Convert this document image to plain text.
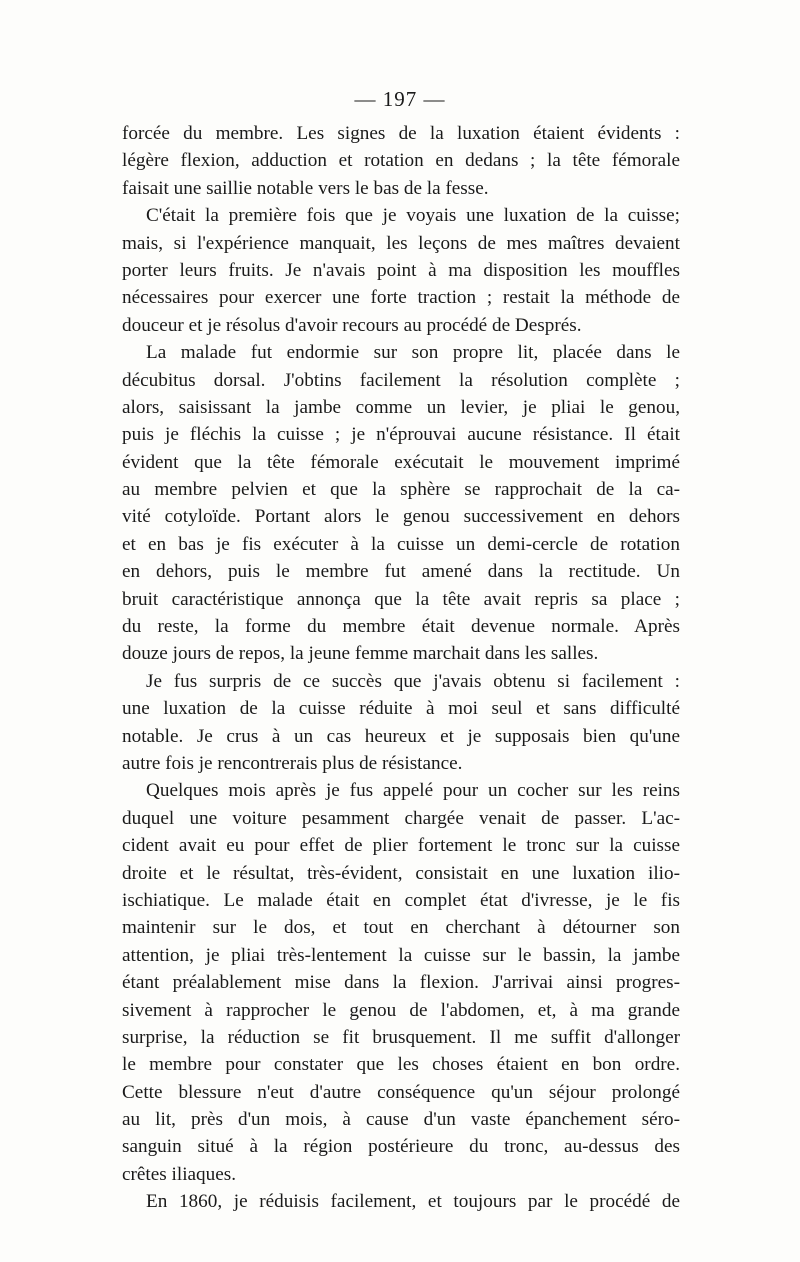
— 197 —
forcée du membre. Les signes de la luxation étaient évidents :
légère flexion, adduction et rotation en dedans ; la tête fémorale
faisait une saillie notable vers le bas de la fesse.
C'était la première fois que je voyais une luxation de la cuisse;
mais, si l'expérience manquait, les leçons de mes maîtres devaient
porter leurs fruits. Je n'avais point à ma disposition les mouffles
nécessaires pour exercer une forte traction ; restait la méthode de
douceur et je résolus d'avoir recours au procédé de Després.
La malade fut endormie sur son propre lit, placée dans le
décubitus dorsal. J'obtins facilement la résolution complète ;
alors, saisissant la jambe comme un levier, je pliai le genou,
puis je fléchis la cuisse ; je n'éprouvai aucune résistance. Il était
évident que la tête fémorale exécutait le mouvement imprimé
au membre pelvien et que la sphère se rapprochait de la ca-
vité cotyloïde. Portant alors le genou successivement en dehors
et en bas je fis exécuter à la cuisse un demi-cercle de rotation
en dehors, puis le membre fut amené dans la rectitude. Un
bruit caractéristique annonça que la tête avait repris sa place ;
du reste, la forme du membre était devenue normale. Après
douze jours de repos, la jeune femme marchait dans les salles.
Je fus surpris de ce succès que j'avais obtenu si facilement :
une luxation de la cuisse réduite à moi seul et sans difficulté
notable. Je crus à un cas heureux et je supposais bien qu'une
autre fois je rencontrerais plus de résistance.
Quelques mois après je fus appelé pour un cocher sur les reins
duquel une voiture pesamment chargée venait de passer. L'ac-
cident avait eu pour effet de plier fortement le tronc sur la cuisse
droite et le résultat, très-évident, consistait en une luxation ilio-
ischiatique. Le malade était en complet état d'ivresse, je le fis
maintenir sur le dos, et tout en cherchant à détourner son
attention, je pliai très-lentement la cuisse sur le bassin, la jambe
étant préalablement mise dans la flexion. J'arrivai ainsi progres-
sivement à rapprocher le genou de l'abdomen, et, à ma grande
surprise, la réduction se fit brusquement. Il me suffit d'allonger
le membre pour constater que les choses étaient en bon ordre.
Cette blessure n'eut d'autre conséquence qu'un séjour prolongé
au lit, près d'un mois, à cause d'un vaste épanchement séro-
sanguin situé à la région postérieure du tronc, au-dessus des
crêtes iliaques.
En 1860, je réduisis facilement, et toujours par le procédé de
